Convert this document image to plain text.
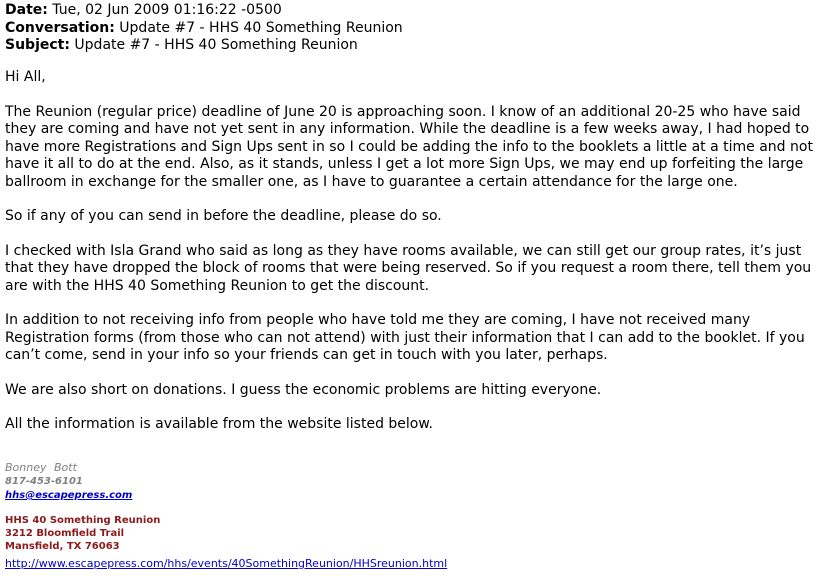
Date: Tue, 02 Jun 2009 01:16:22 -0500
Conversation: Update #7 - HHS 40 Something Reunion
Subject: Update #7 - HHS 40 Something Reunion

Hi All,

The Reunion (regular price) deadline of June 20 is approaching soon. I know of an additional 20-25 who have said they are coming and have not yet sent in any information. While the deadline is a few weeks away, I had hoped to have more Registrations and Sign Ups sent in so I could be adding the info to the booklets a little at a time and not have it all to do at the end. Also, as it stands, unless I get a lot more Sign Ups, we may end up forfeiting the large ballroom in exchange for the smaller one, as I have to guarantee a certain attendance for the large one.

So if any of you can send in before the deadline, please do so.

I checked with Isla Grand who said as long as they have rooms available, we can still get our group rates, it’s just that they have dropped the block of rooms that were being reserved. So if you request a room there, tell them you are with the HHS 40 Something Reunion to get the discount.

In addition to not receiving info from people who have told me they are coming, I have not received many Registration forms (from those who can not attend) with just their information that I can add to the booklet. If you can’t come, send in your info so your friends can get in touch with you later, perhaps.

We are also short on donations. I guess the economic problems are hitting everyone.

All the information is available from the website listed below.

Bonney Bott
817-453-6101
hhs@escapepress.com
HHS 40 Something Reunion
3212 Bloomfield Trail
Mansfield, TX 76063
http://www.escapepress.com/hhs/events/40SomethingReunion/HHSreunion.html
